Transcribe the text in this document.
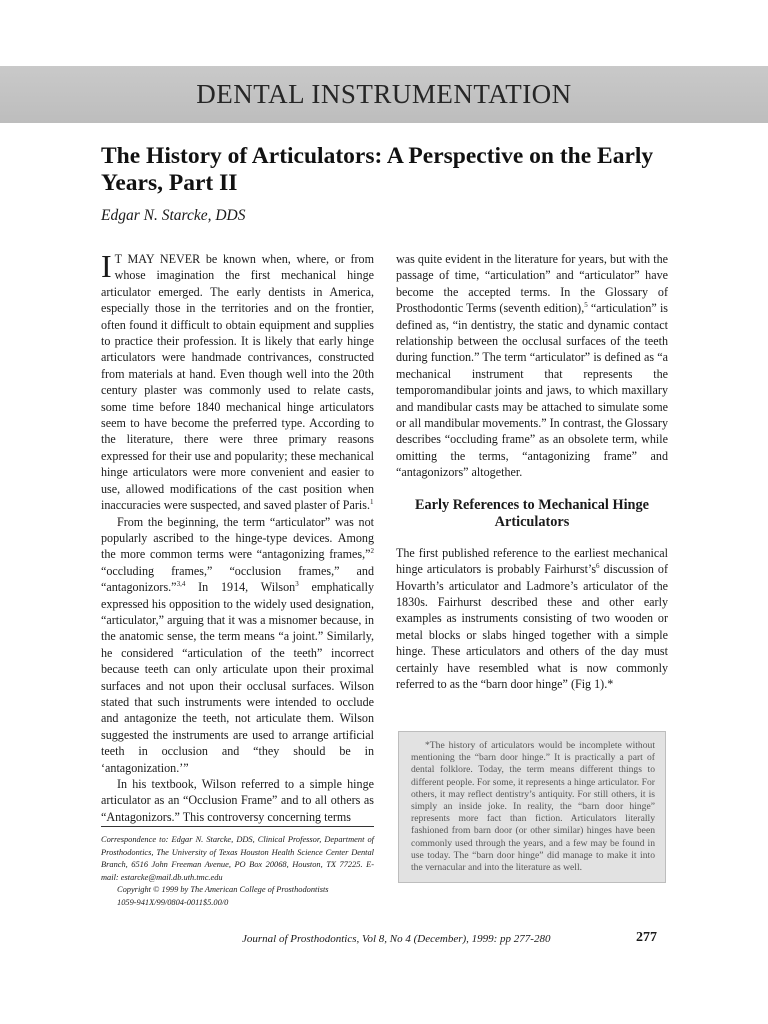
DENTAL INSTRUMENTATION
The History of Articulators: A Perspective on the Early Years, Part II

Edgar N. Starcke, DDS

I T MAY NEVER be known when, where, or from whose imagination the first mechanical hinge articulator emerged. The early dentists in America, especially those in the territories and on the frontier, often found it difficult to obtain equipment and supplies to practice their profession. It is likely that early hinge articulators were handmade contrivances, constructed from materials at hand. Even though well into the 20th century plaster was commonly used to relate casts, some time before 1840 mechanical hinge articulators seem to have become the preferred type. According to the literature, there were three primary reasons expressed for their use and popularity; these mechanical hinge articulators were more convenient and easier to use, allowed modifications of the cast position when inaccuracies were suspected, and saved plaster of Paris.$^1$

From the beginning, the term “articulator” was not popularly ascribed to the hinge-type devices. Among the more common terms were “antagonizing frames,”$^2$ “occluding frames,” “occlusion frames,” and “antagonizors.”$^{3,4}$ In 1914, Wilson$^3$ emphatically expressed his opposition to the widely used designation, “articulator,” arguing that it was a misnomer because, in the anatomic sense, the term means “a joint.” Similarly, he considered “articulation of the teeth” incorrect because teeth can only articulate upon their proximal surfaces and not upon their occlusal surfaces. Wilson stated that such instruments were intended to occlude and antagonize the teeth, not articulate them. Wilson suggested the instruments are used to arrange artificial teeth in occlusion and “they should be in ‘antagonization.’”

In his textbook, Wilson referred to a simple hinge articulator as an “Occlusion Frame” and to all others as “Antagonizors.” This controversy concerning terms

was quite evident in the literature for years, but with the passage of time, “articulation” and “articulator” have become the accepted terms. In the Glossary of Prosthodontic Terms (seventh edition),$^5$ “articulation” is defined as, “in dentistry, the static and dynamic contact relationship between the occlusal surfaces of the teeth during function.” The term “articulator” is defined as “a mechanical instrument that represents the temporomandibular joints and jaws, to which maxillary and mandibular casts may be attached to simulate some or all mandibular movements.” In contrast, the Glossary describes “occluding frame” as an obsolete term, while omitting the terms, “antagonizing frame” and “antagonizors” altogether.

Early References to Mechanical Hinge Articulators

The first published reference to the earliest mechanical hinge articulators is probably $Fairhurst’s^6$ discussion of Hovarth’s articulator and Ladmore’s articulator of the 1830s. Fairhurst described these and other early examples as instruments consisting of two wooden or metal blocks or slabs hinged together with a simple hinge. These articulators and others of the day must certainly have resembled what is now commonly referred to as the “barn door hinge” (Fig 1).*

*The history of articulators would be incomplete without mentioning the “barn door hinge.” It is practically a part of dental folklore. Today, the term means different things to different people. For some, it represents a hinge articulator. For others, it may reflect dentistry’s antiquity. For still others, it is simply an inside joke. In reality, the “barn door hinge” represents more fact than fiction. Articulators literally fashioned from barn door (or other similar) hinges have been commonly used through the years, and a few may be found in use today. The “barn door hinge” did manage to make it into the vernacular and into the literature as well.

Correspondence to: Edgar N. Starcke, DDS, Clinical Professor, Department of Prosthodontics, The University of Texas Houston Health Science Center Dental Branch, 6516 John Freeman Avenue, PO Box 20068, Houston, TX 77225. E-mail: estarcke@mail.db.uth.tmc.edu

Copyright © 1999 by The American College of Prosthodontists

1059-941X/99/0804-0011$5.00/0

Journal of Prosthodontics, Vol 8, No 4 (December), 1999: pp 277-280	277
